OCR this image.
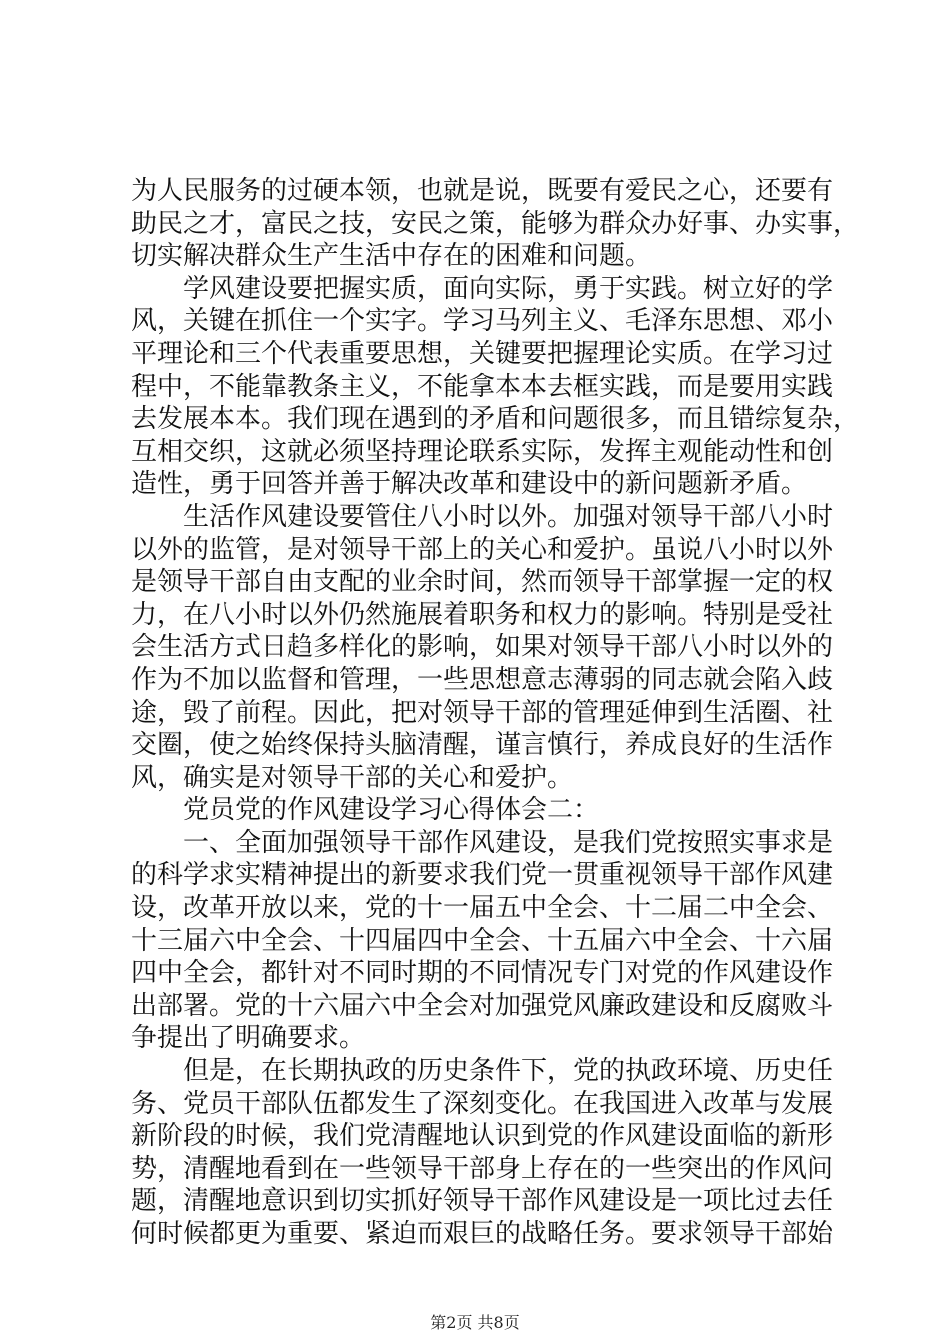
为人民服务的过硬本领，也就是说，既要有爱民之心，还要有
助民之才，富民之技，安民之策，能够为群众办好事、办实事，
切实解决群众生产生活中存在的困难和问题。
　　学风建设要把握实质，面向实际，勇于实践。树立好的学
风，关键在抓住一个实字。学习马列主义、毛泽东思想、邓小
平理论和三个代表重要思想，关键要把握理论实质。在学习过
程中，不能靠教条主义，不能拿本本去框实践，而是要用实践
去发展本本。我们现在遇到的矛盾和问题很多，而且错综复杂，
互相交织，这就必须坚持理论联系实际，发挥主观能动性和创
造性，勇于回答并善于解决改革和建设中的新问题新矛盾。
　　生活作风建设要管住八小时以外。加强对领导干部八小时
以外的监管，是对领导干部上的关心和爱护。虽说八小时以外
是领导干部自由支配的业余时间，然而领导干部掌握一定的权
力，在八小时以外仍然施展着职务和权力的影响。特别是受社
会生活方式日趋多样化的影响，如果对领导干部八小时以外的
作为不加以监督和管理，一些思想意志薄弱的同志就会陷入歧
途，毁了前程。因此，把对领导干部的管理延伸到生活圈、社
交圈，使之始终保持头脑清醒，谨言慎行，养成良好的生活作
风，确实是对领导干部的关心和爱护。
　　党员党的作风建设学习心得体会二：
　　一、全面加强领导干部作风建设，是我们党按照实事求是
的科学求实精神提出的新要求我们党一贯重视领导干部作风建
设，改革开放以来，党的十一届五中全会、十二届二中全会、
十三届六中全会、十四届四中全会、十五届六中全会、十六届
四中全会，都针对不同时期的不同情况专门对党的作风建设作
出部署。党的十六届六中全会对加强党风廉政建设和反腐败斗
争提出了明确要求。
　　但是，在长期执政的历史条件下，党的执政环境、历史任
务、党员干部队伍都发生了深刻变化。在我国进入改革与发展
新阶段的时候，我们党清醒地认识到党的作风建设面临的新形
势，清醒地看到在一些领导干部身上存在的一些突出的作风问
题，清醒地意识到切实抓好领导干部作风建设是一项比过去任
何时候都更为重要、紧迫而艰巨的战略任务。要求领导干部始
第2页 共8页
